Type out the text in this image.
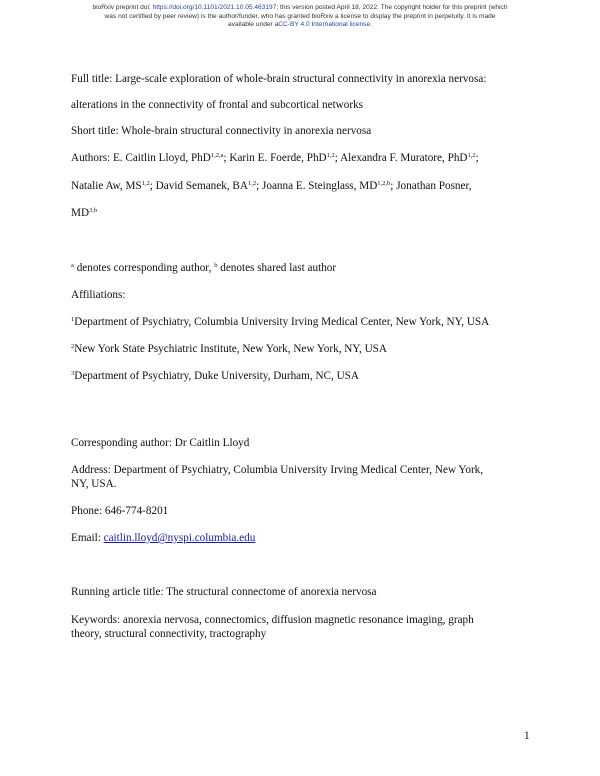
bioRxiv preprint doi: https://doi.org/10.1101/2021.10.05.463197; this version posted April 18, 2022. The copyright holder for this preprint (which
was not certified by peer review) is the author/funder, who has granted bioRxiv a license to display the preprint in perpetuity. It is made
available under aCC-BY 4.0 International license.
Full title: Large-scale exploration of whole-brain structural connectivity in anorexia nervosa:
alterations in the connectivity of frontal and subcortical networks
Short title: Whole-brain structural connectivity in anorexia nervosa
Authors: E. Caitlin Lloyd, PhD$^{1,2,a}$; Karin E. Foerde, PhD$^{1,2}$; Alexandra F. Muratore, PhD$^{1,2}$;
Natalie Aw, MS$^{1,2}$; David Semanek, BA$^{1,2}$; Joanna E. Steinglass, MD$^{1,2,b}$; Jonathan Posner,
MD$^{3,b}$
$^a$ denotes corresponding author, $^b$ denotes shared last author
Affiliations:
$^1$Department of Psychiatry, Columbia University Irving Medical Center, New York, NY, USA
$^2$New York State Psychiatric Institute, New York, New York, NY, USA
$^3$Department of Psychiatry, Duke University, Durham, NC, USA
Corresponding author: Dr Caitlin Lloyd
Address: Department of Psychiatry, Columbia University Irving Medical Center, New York,
NY, USA.
Phone: 646-774-8201
Email: caitlin.lloyd@nyspi.columbia.edu
Running article title: The structural connectome of anorexia nervosa
Keywords: anorexia nervosa, connectomics, diffusion magnetic resonance imaging, graph
theory, structural connectivity, tractography
1
